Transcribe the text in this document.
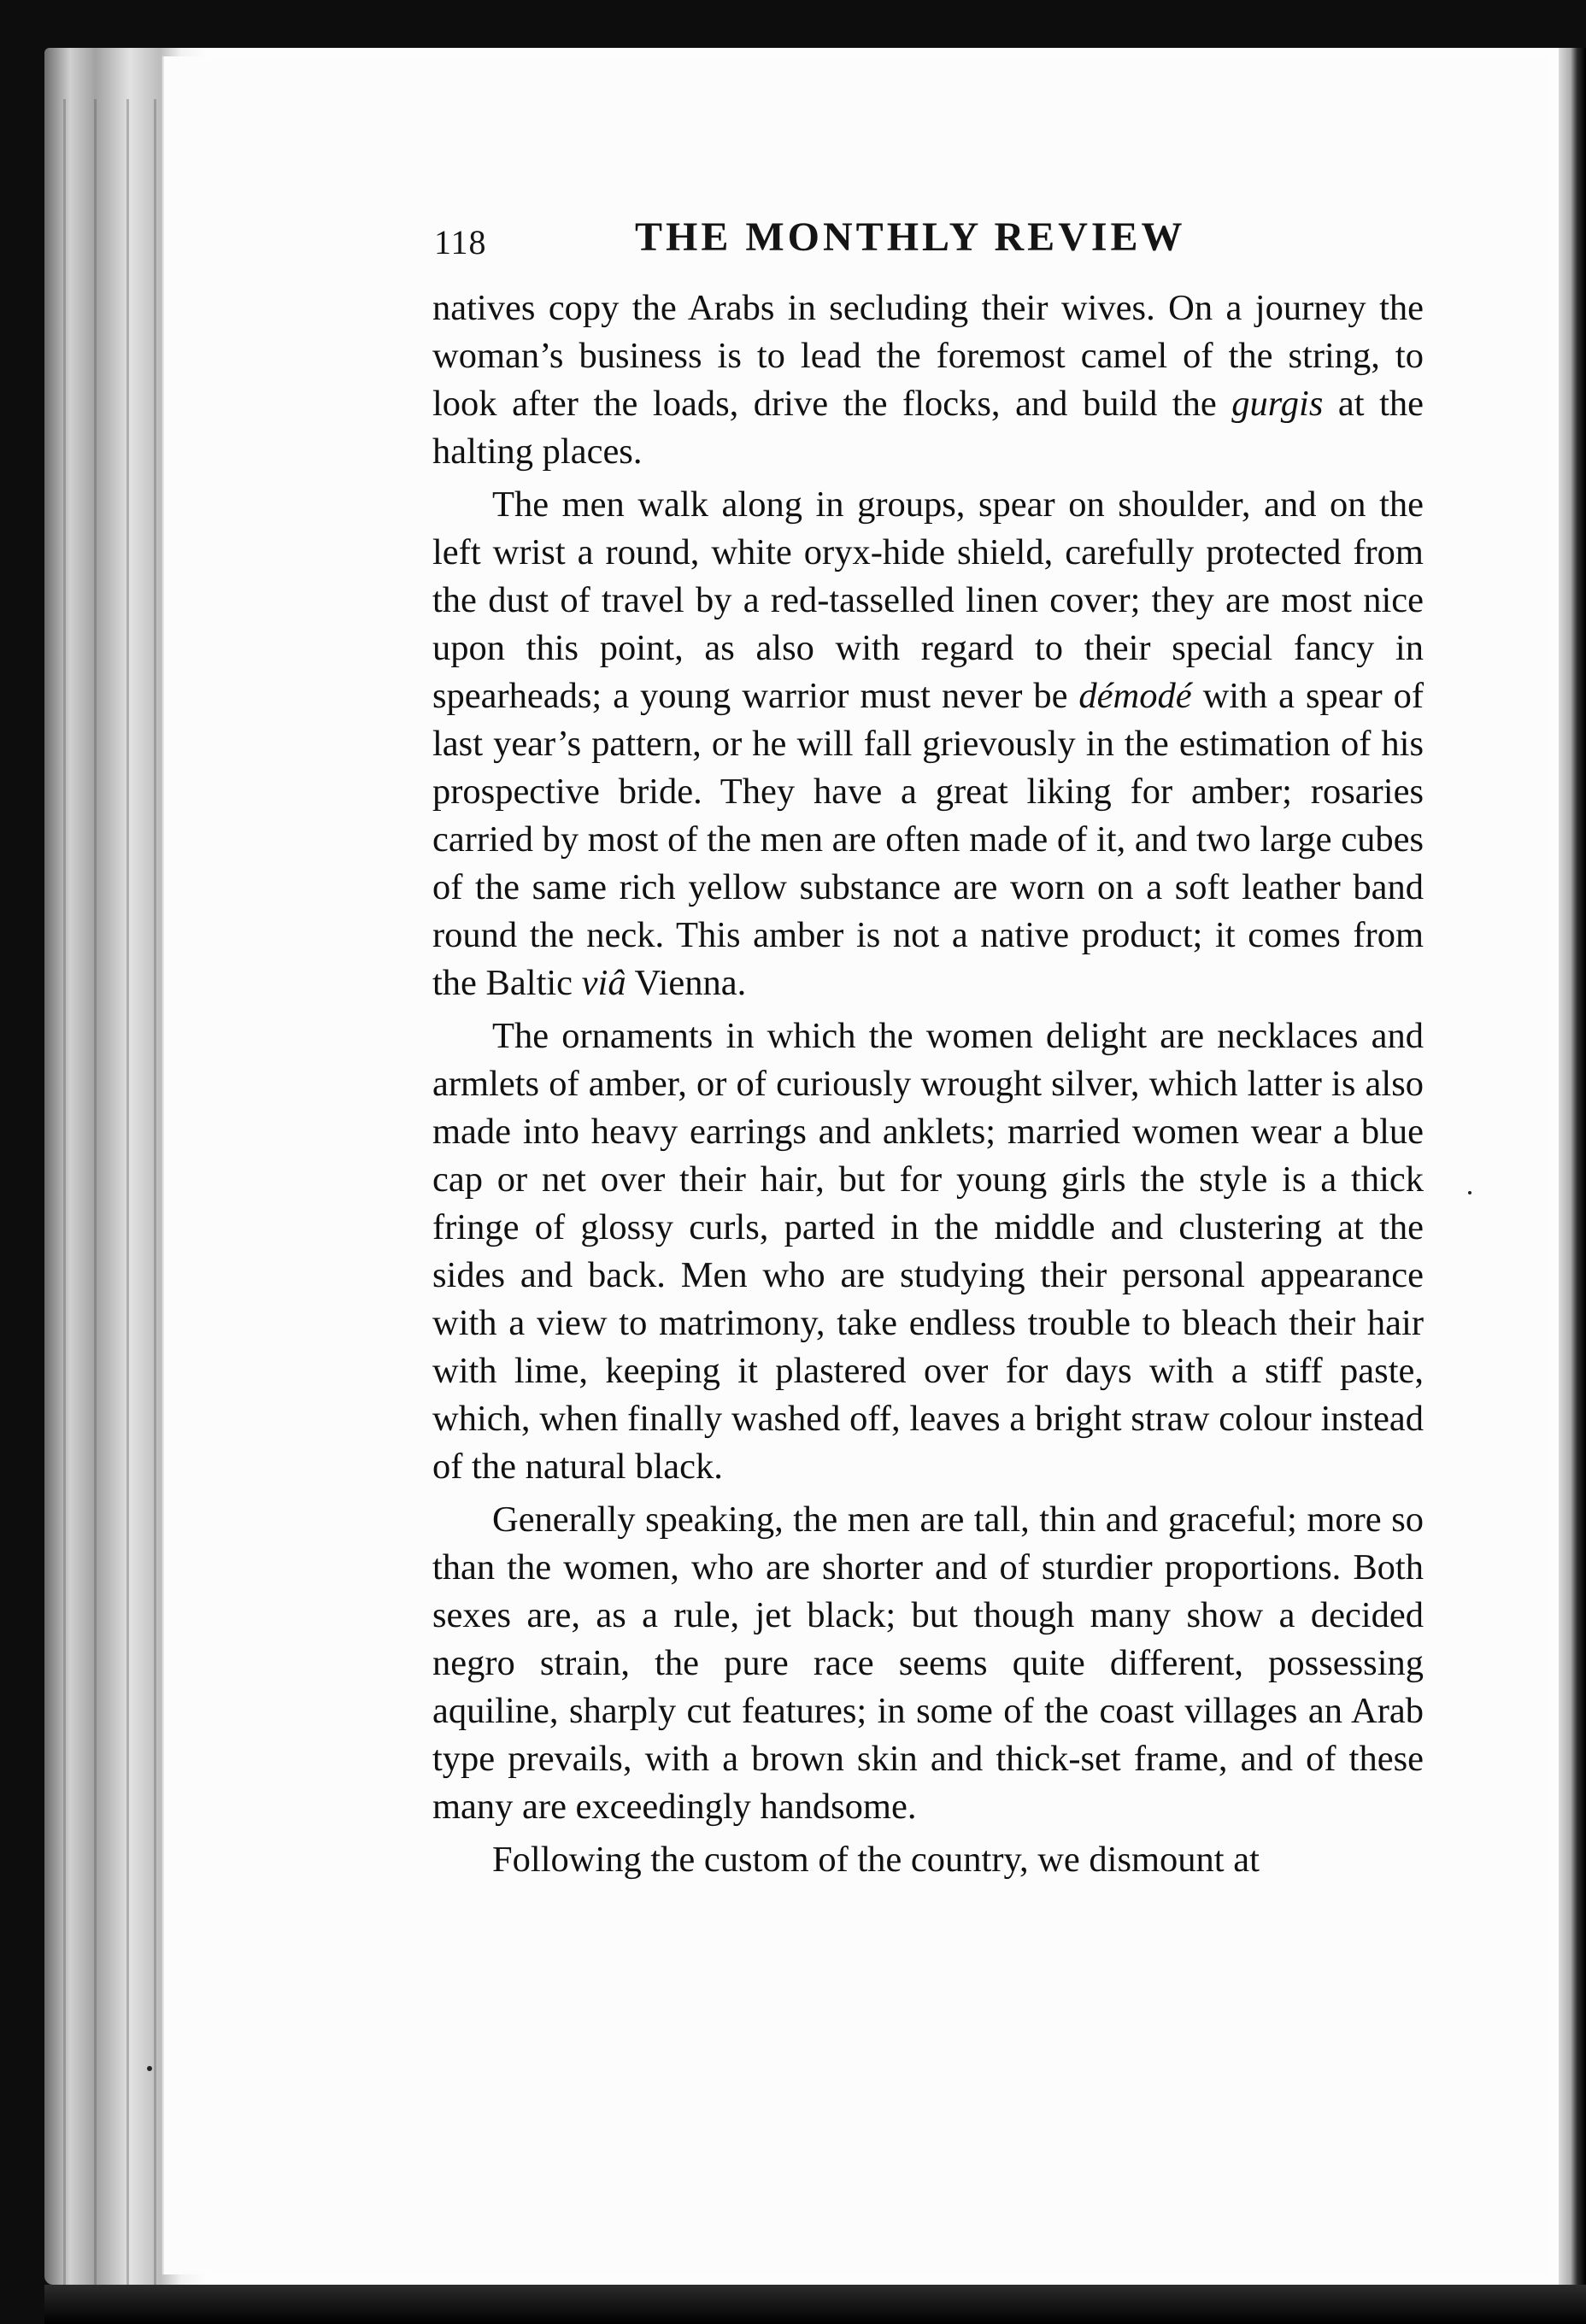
118	THE MONTHLY REVIEW

natives copy the Arabs in secluding their wives. On a journey the woman’s business is to lead the foremost camel of the string, to look after the loads, drive the flocks, and build the gurgis at the halting places.

The men walk along in groups, spear on shoulder, and on the left wrist a round, white oryx-hide shield, carefully protected from the dust of travel by a red-tasselled linen cover; they are most nice upon this point, as also with regard to their special fancy in spearheads; a young warrior must never be démodé with a spear of last year’s pattern, or he will fall grievously in the estimation of his prospective bride. They have a great liking for amber; rosaries carried by most of the men are often made of it, and two large cubes of the same rich yellow substance are worn on a soft leather band round the neck. This amber is not a native product; it comes from the Baltic viâ Vienna.

The ornaments in which the women delight are necklaces and armlets of amber, or of curiously wrought silver, which latter is also made into heavy earrings and anklets; married women wear a blue cap or net over their hair, but for young girls the style is a thick fringe of glossy curls, parted in the middle and clustering at the sides and back. Men who are studying their personal appearance with a view to matrimony, take endless trouble to bleach their hair with lime, keeping it plastered over for days with a stiff paste, which, when finally washed off, leaves a bright straw colour instead of the natural black.

Generally speaking, the men are tall, thin and graceful; more so than the women, who are shorter and of sturdier proportions. Both sexes are, as a rule, jet black; but though many show a decided negro strain, the pure race seems quite different, possessing aquiline, sharply cut features; in some of the coast villages an Arab type prevails, with a brown skin and thick-set frame, and of these many are exceedingly handsome.

Following the custom of the country, we dismount at
